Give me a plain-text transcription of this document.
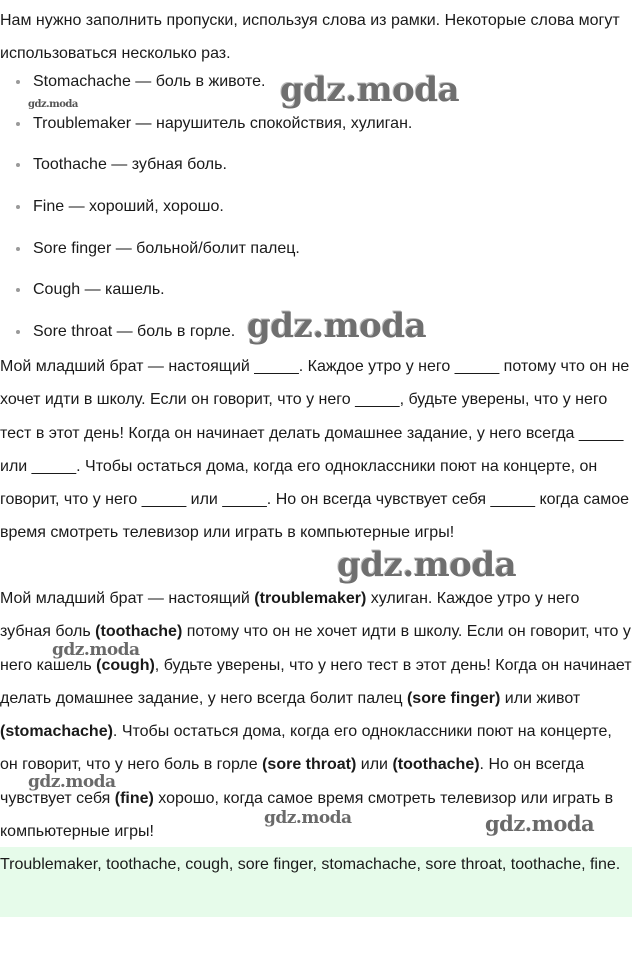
Нам нужно заполнить пропуски, используя слова из рамки. Некоторые слова могут использоваться несколько раз.

Stomachache — боль в животе.
Troublemaker — нарушитель спокойствия, хулиган.
Toothache — зубная боль.
Fine — хороший, хорошо.
Sore finger — больной/болит палец.
Cough — кашель.
Sore throat — боль в горле.

Мой младший брат — настоящий _____. Каждое утро у него _____ потому что он не хочет идти в школу. Если он говорит, что у него _____, будьте уверены, что у него тест в этот день! Когда он начинает делать домашнее задание, у него всегда _____ или _____. Чтобы остаться дома, когда его одноклассники поют на концерте, он говорит, что у него _____ или _____. Но он всегда чувствует себя _____ когда самое время смотреть телевизор или играть в компьютерные игры!

Мой младший брат — настоящий (troublemaker) хулиган. Каждое утро у него зубная боль (toothache) потому что он не хочет идти в школу. Если он говорит, что у него кашель (cough), будьте уверены, что у него тест в этот день! Когда он начинает делать домашнее задание, у него всегда болит палец (sore finger) или живот (stomachache). Чтобы остаться дома, когда его одноклассники поют на концерте, он говорит, что у него боль в горле (sore throat) или (toothache). Но он всегда чувствует себя (fine) хорошо, когда самое время смотреть телевизор или играть в компьютерные игры!

Troublemaker, toothache, cough, sore finger, stomachache, sore throat, toothache, fine.

gdz.moda
gdz.moda
gdz.moda
gdz.moda
gdz.moda
gdz.moda
gdz.moda	gdz.moda
